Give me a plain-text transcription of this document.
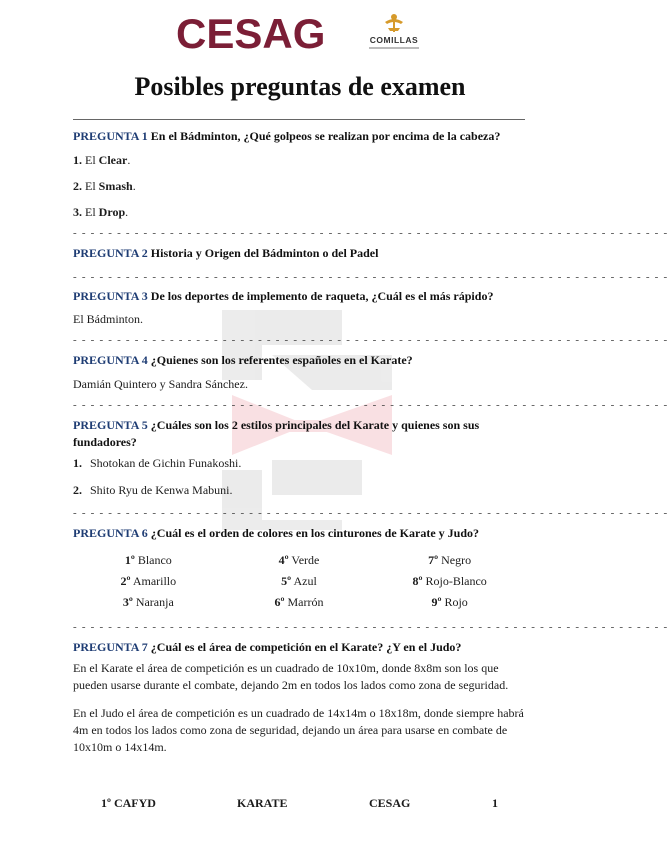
CESAG	COMILLAS
Posibles preguntas de examen

PREGUNTA 1 En el Bádminton, ¿Qué golpeos se realizan por encima de la cabeza?

1. El Clear.

2. El Smash.

3. El Drop.

- - - - - - - - - - - - - - - - - - - - - - - - - - - - - - - - - - - - - - - - - - - - - - - - - - - - - - - - - - - - - - - - - - - -

PREGUNTA 2 Historia y Origen del Bádminton o del Padel

- - - - - - - - - - - - - - - - - - - - - - - - - - - - - - - - - - - - - - - - - - - - - - - - - - - - - - - - - - - - - - - - - - - -

PREGUNTA 3 De los deportes de implemento de raqueta, ¿Cuál es el más rápido?

El Bádminton.

- - - - - - - - - - - - - - - - - - - - - - - - - - - - - - - - - - - - - - - - - - - - - - - - - - - - - - - - - - - - - - - - - - - -

PREGUNTA 4 ¿Quienes son los referentes españoles en el Karate?

Damián Quintero y Sandra Sánchez.

- - - - - - - - - - - - - - - - - - - - - - - - - - - - - - - - - - - - - - - - - - - - - - - - - - - - - - - - - - - - - - - - - - - -

PREGUNTA 5 ¿Cuáles son los 2 estilos principales del Karate y quienes son sus fundadores?

1. Shotokan de Gichin Funakoshi.
2. Shito Ryu de Kenwa Mabuni.
- - - - - - - - - - - - - - - - - - - - - - - - - - - - - - - - - - - - - - - - - - - - - - - - - - - - - - - - - - - - - - - - - - - -

PREGUNTA 6 ¿Cuál es el orden de colores en los cinturones de Karate y Judo?

1º Blanco	4º Verde	7º Negro
2º Amarillo	5º Azul	8º Rojo-Blanco
3º Naranja	6º Marrón	9º Rojo
- - - - - - - - - - - - - - - - - - - - - - - - - - - - - - - - - - - - - - - - - - - - - - - - - - - - - - - - - - - - - - - - - - - -

PREGUNTA 7 ¿Cuál es el área de competición en el Karate? ¿Y en el Judo?

En el Karate el área de competición es un cuadrado de 10x10m, donde 8x8m son los que pueden usarse durante el combate, dejando 2m en todos los lados como zona de seguridad.

En el Judo el área de competición es un cuadrado de 14x14m o 18x18m, donde siempre habrá 4m en todos los lados como zona de seguridad, dejando un área para usarse en combate de 10x10m o 14x14m.

1º CAFYD	KARATE	CESAG	1
